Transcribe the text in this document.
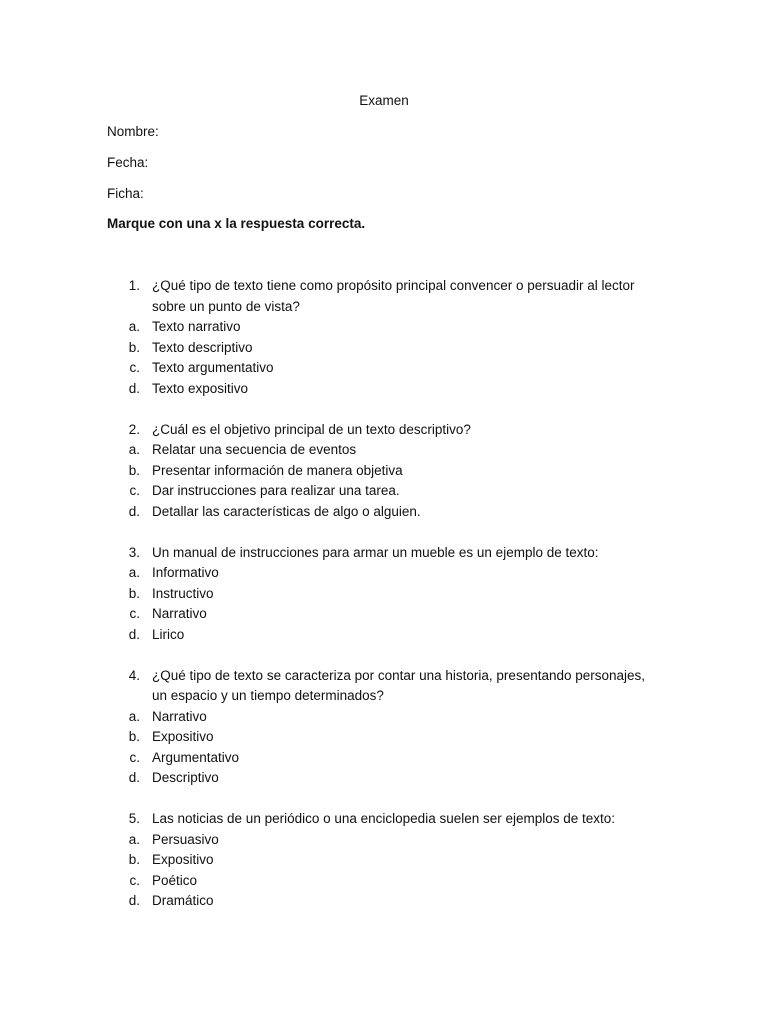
Examen
Nombre:
Fecha:
Ficha:
Marque con una x la respuesta correcta.
1. ¿Qué tipo de texto tiene como propósito principal convencer o persuadir al lector
sobre un punto de vista?
a. Texto narrativo
b. Texto descriptivo
c. Texto argumentativo
d. Texto expositivo
2. ¿Cuál es el objetivo principal de un texto descriptivo?
a. Relatar una secuencia de eventos
b. Presentar información de manera objetiva
c. Dar instrucciones para realizar una tarea.
d. Detallar las características de algo o alguien.
3. Un manual de instrucciones para armar un mueble es un ejemplo de texto:
a. Informativo
b. Instructivo
c. Narrativo
d. Lirico
4. ¿Qué tipo de texto se caracteriza por contar una historia, presentando personajes,
un espacio y un tiempo determinados?
a. Narrativo
b. Expositivo
c. Argumentativo
d. Descriptivo
5. Las noticias de un periódico o una enciclopedia suelen ser ejemplos de texto:
a. Persuasivo
b. Expositivo
c. Poético
d. Dramático
